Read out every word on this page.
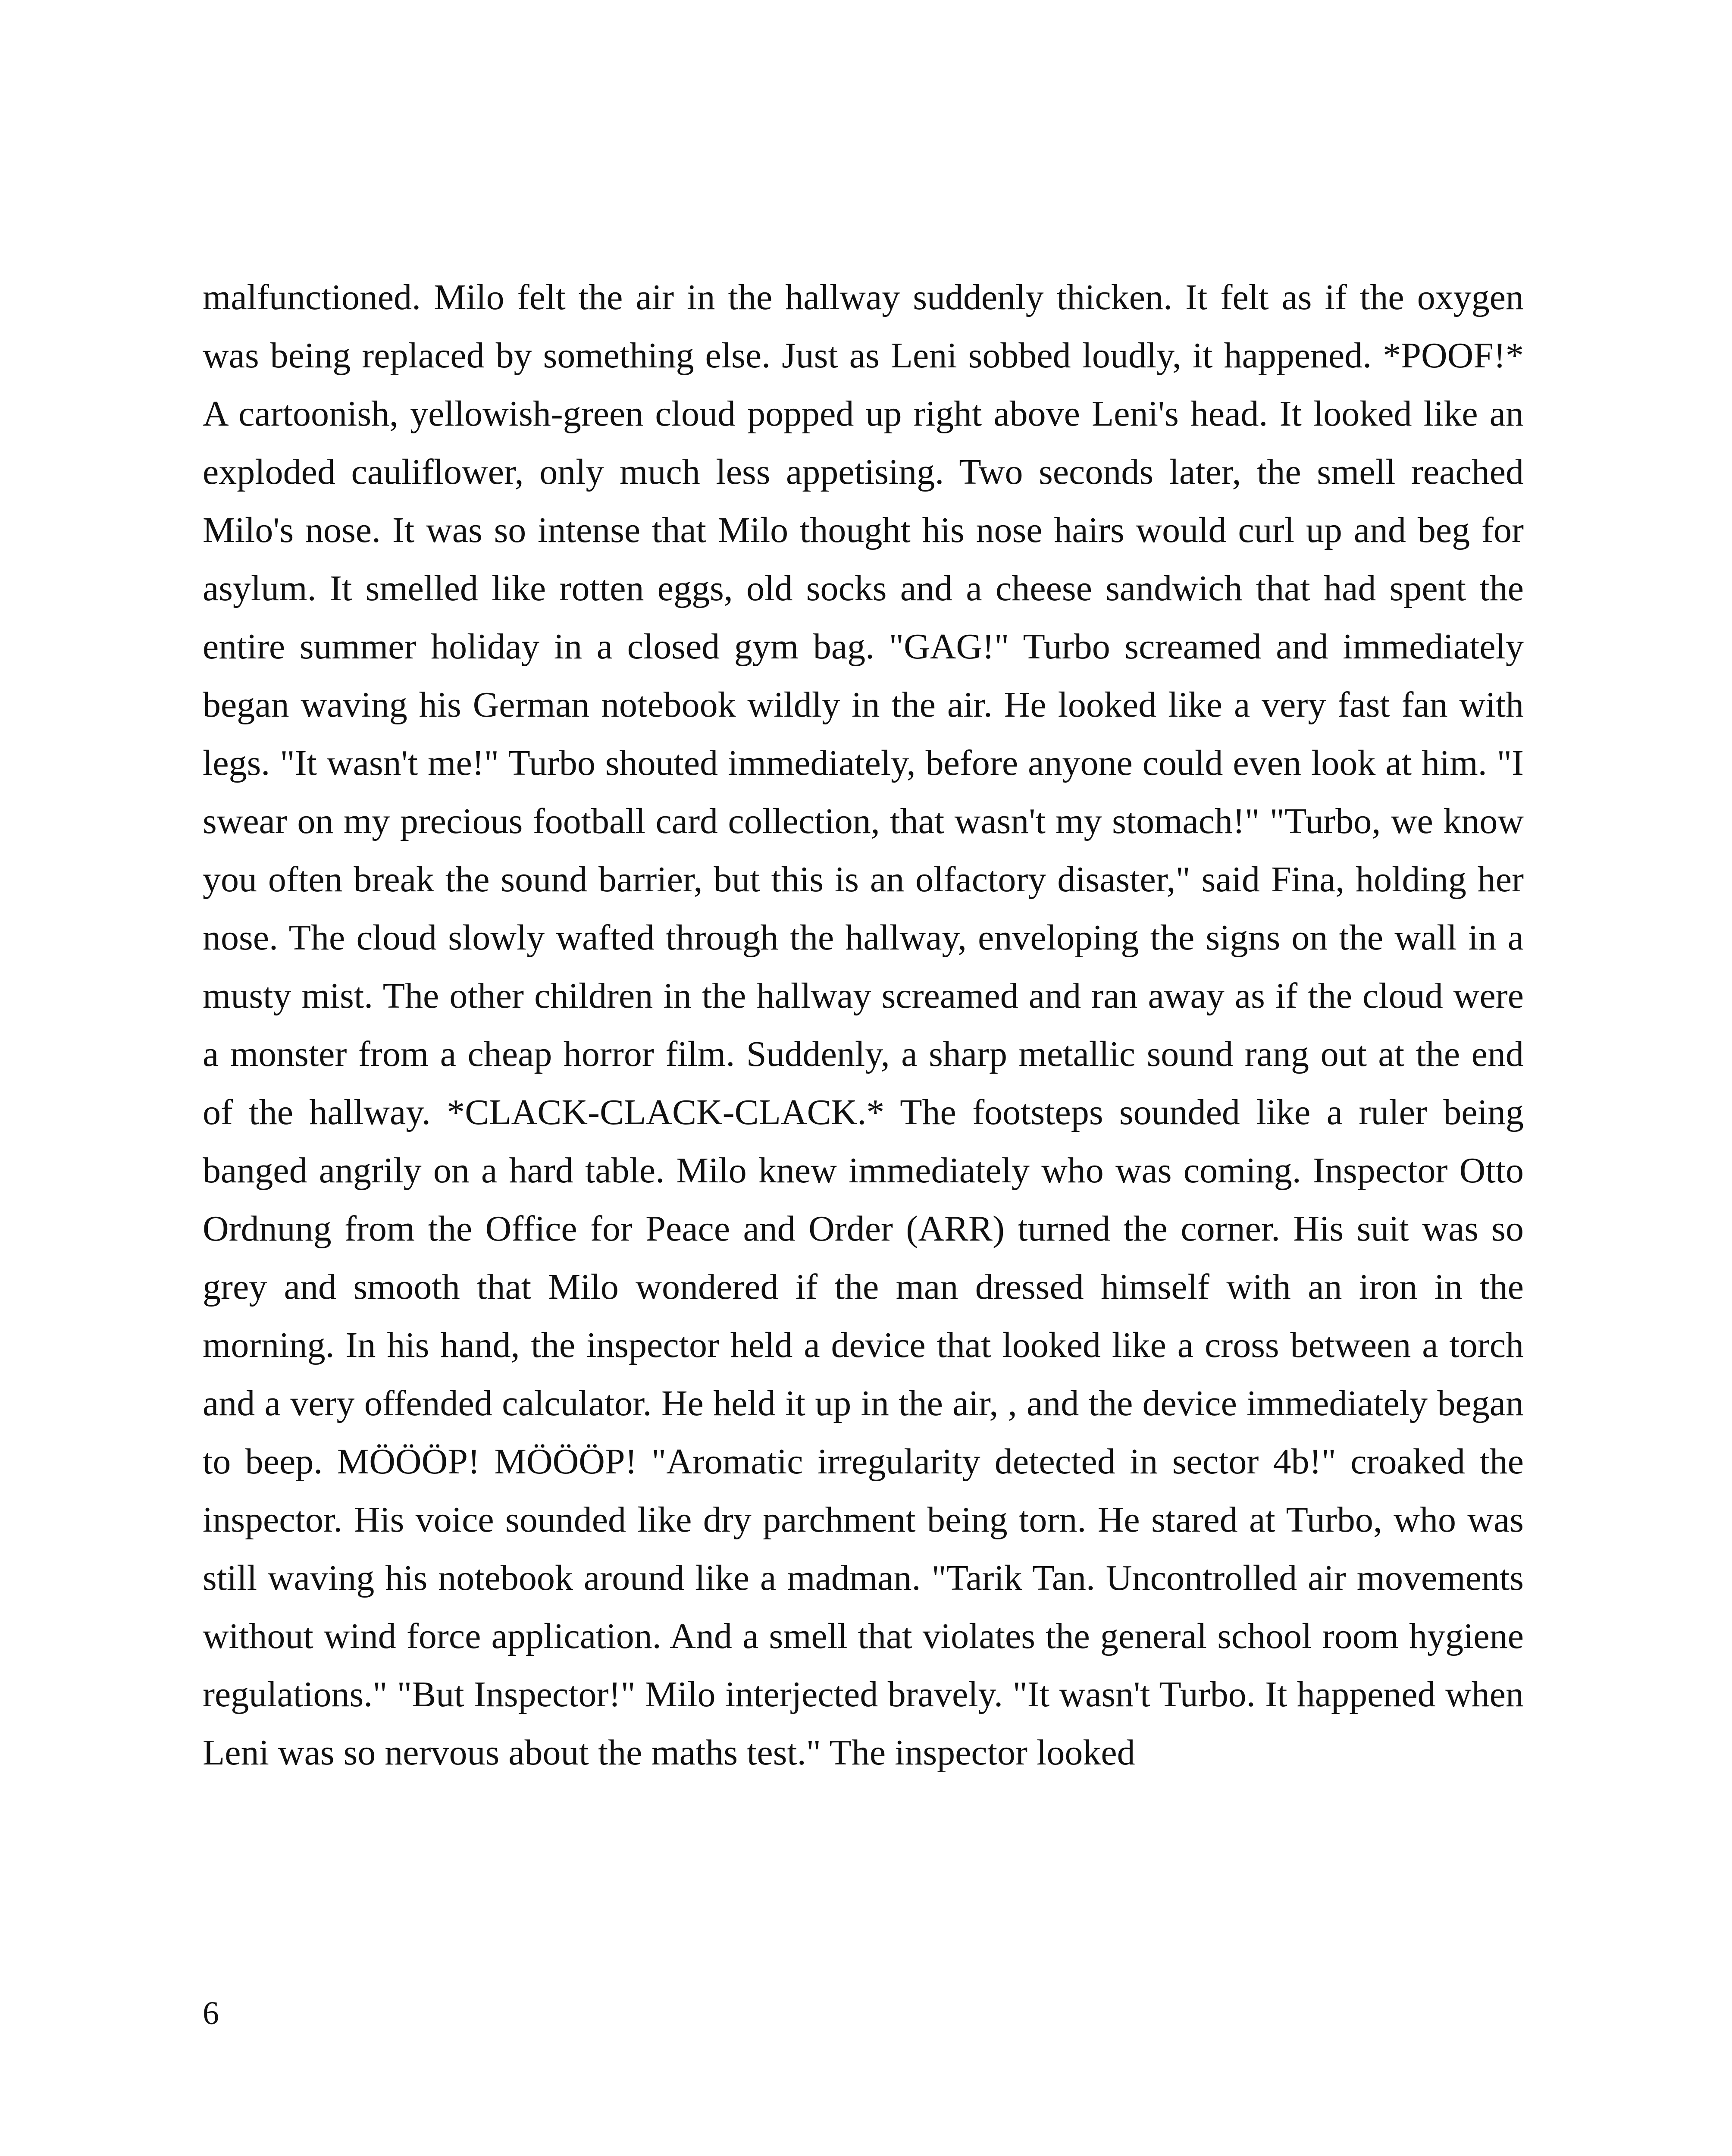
malfunctioned. Milo felt the air in the hallway suddenly thicken. It felt as if the oxygen was being replaced by something else. Just as Leni sobbed loudly, it happened. *POOF!* A cartoonish, yellowish-green cloud popped up right above Leni's head. It looked like an exploded cauliflower, only much less appetising. Two seconds later, the smell reached Milo's nose. It was so intense that Milo thought his nose hairs would curl up and beg for asylum. It smelled like rotten eggs, old socks and a cheese sandwich that had spent the entire summer holiday in a closed gym bag. "GAG!" Turbo screamed and immediately began waving his German notebook wildly in the air. He looked like a very fast fan with legs. "It wasn't me!" Turbo shouted immediately, before anyone could even look at him. "I swear on my precious football card collection, that wasn't my stomach!" "Turbo, we know you often break the sound barrier, but this is an olfactory disaster," said Fina, holding her nose. The cloud slowly wafted through the hallway, enveloping the signs on the wall in a musty mist. The other children in the hallway screamed and ran away as if the cloud were a monster from a cheap horror film. Suddenly, a sharp metallic sound rang out at the end of the hallway. *CLACK-CLACK-CLACK.* The footsteps sounded like a ruler being banged angrily on a hard table. Milo knew immediately who was coming. Inspector Otto Ordnung from the Office for Peace and Order (ARR) turned the corner. His suit was so grey and smooth that Milo wondered if the man dressed himself with an iron in the morning. In his hand, the inspector held a device that looked like a cross between a torch and a very offended calculator. He held it up in the air, , and the device immediately began to beep. MÖÖÖP! MÖÖÖP! "Aromatic irregularity detected in sector 4b!" croaked the inspector. His voice sounded like dry parchment being torn. He stared at Turbo, who was still waving his notebook around like a madman. "Tarik Tan. Uncontrolled air movements without wind force application. And a smell that violates the general school room hygiene regulations." "But Inspector!" Milo interjected bravely. "It wasn't Turbo. It happened when Leni was so nervous about the maths test." The inspector looked

6
